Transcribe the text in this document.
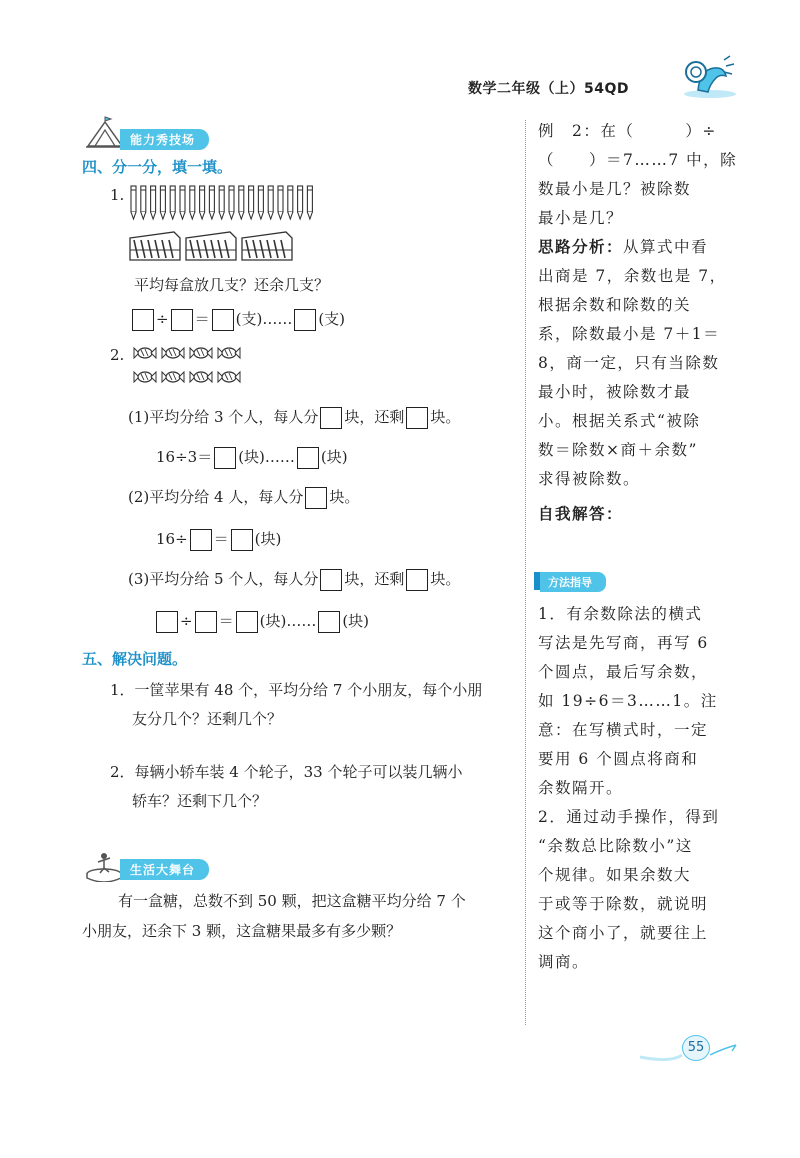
数学二年级（上）54QD
能力秀技场
四、分一分，填一填。
1.
平均每盒放几支？还余几支？
÷ ＝ (支)…… (支)
2.
(1)平均分给 3 个人，每人分 块，还剩 块。
16÷3＝ (块)…… (块)
(2)平均分给 4 人，每人分 块。
16÷ ＝ (块)
(3)平均分给 5 个人，每人分 块，还剩 块。
÷ ＝ (块)…… (块)
五、解决问题。
1．一筐苹果有 48 个，平均分给 7 个小朋友，每个小朋
友分几个？还剩几个？
2．每辆小轿车装 4 个轮子，33 个轮子可以装几辆小
轿车？还剩下几个？
生活大舞台
有一盒糖，总数不到 50 颗，把这盒糖平均分给 7 个
小朋友，还余下 3 颗，这盒糖果最多有多少颗？
例　2：在（　　　）÷
（　　）＝7……7 中，除
数最小是几？被除数
最小是几？
思路分析：从算式中看
出商是 7，余数也是 7，
根据余数和除数的关
系，除数最小是 7＋1＝
8，商一定，只有当除数
最小时，被除数才最
小。根据关系式“被除
数＝除数×商＋余数”
求得被除数。
自我解答：
方法指导
1．有余数除法的横式
写法是先写商，再写 6
个圆点，最后写余数，
如 19÷6＝3……1。注
意：在写横式时，一定
要用 6 个圆点将商和
余数隔开。
2．通过动手操作，得到
“余数总比除数小”这
个规律。如果余数大
于或等于除数，就说明
这个商小了，就要往上
调商。
55
